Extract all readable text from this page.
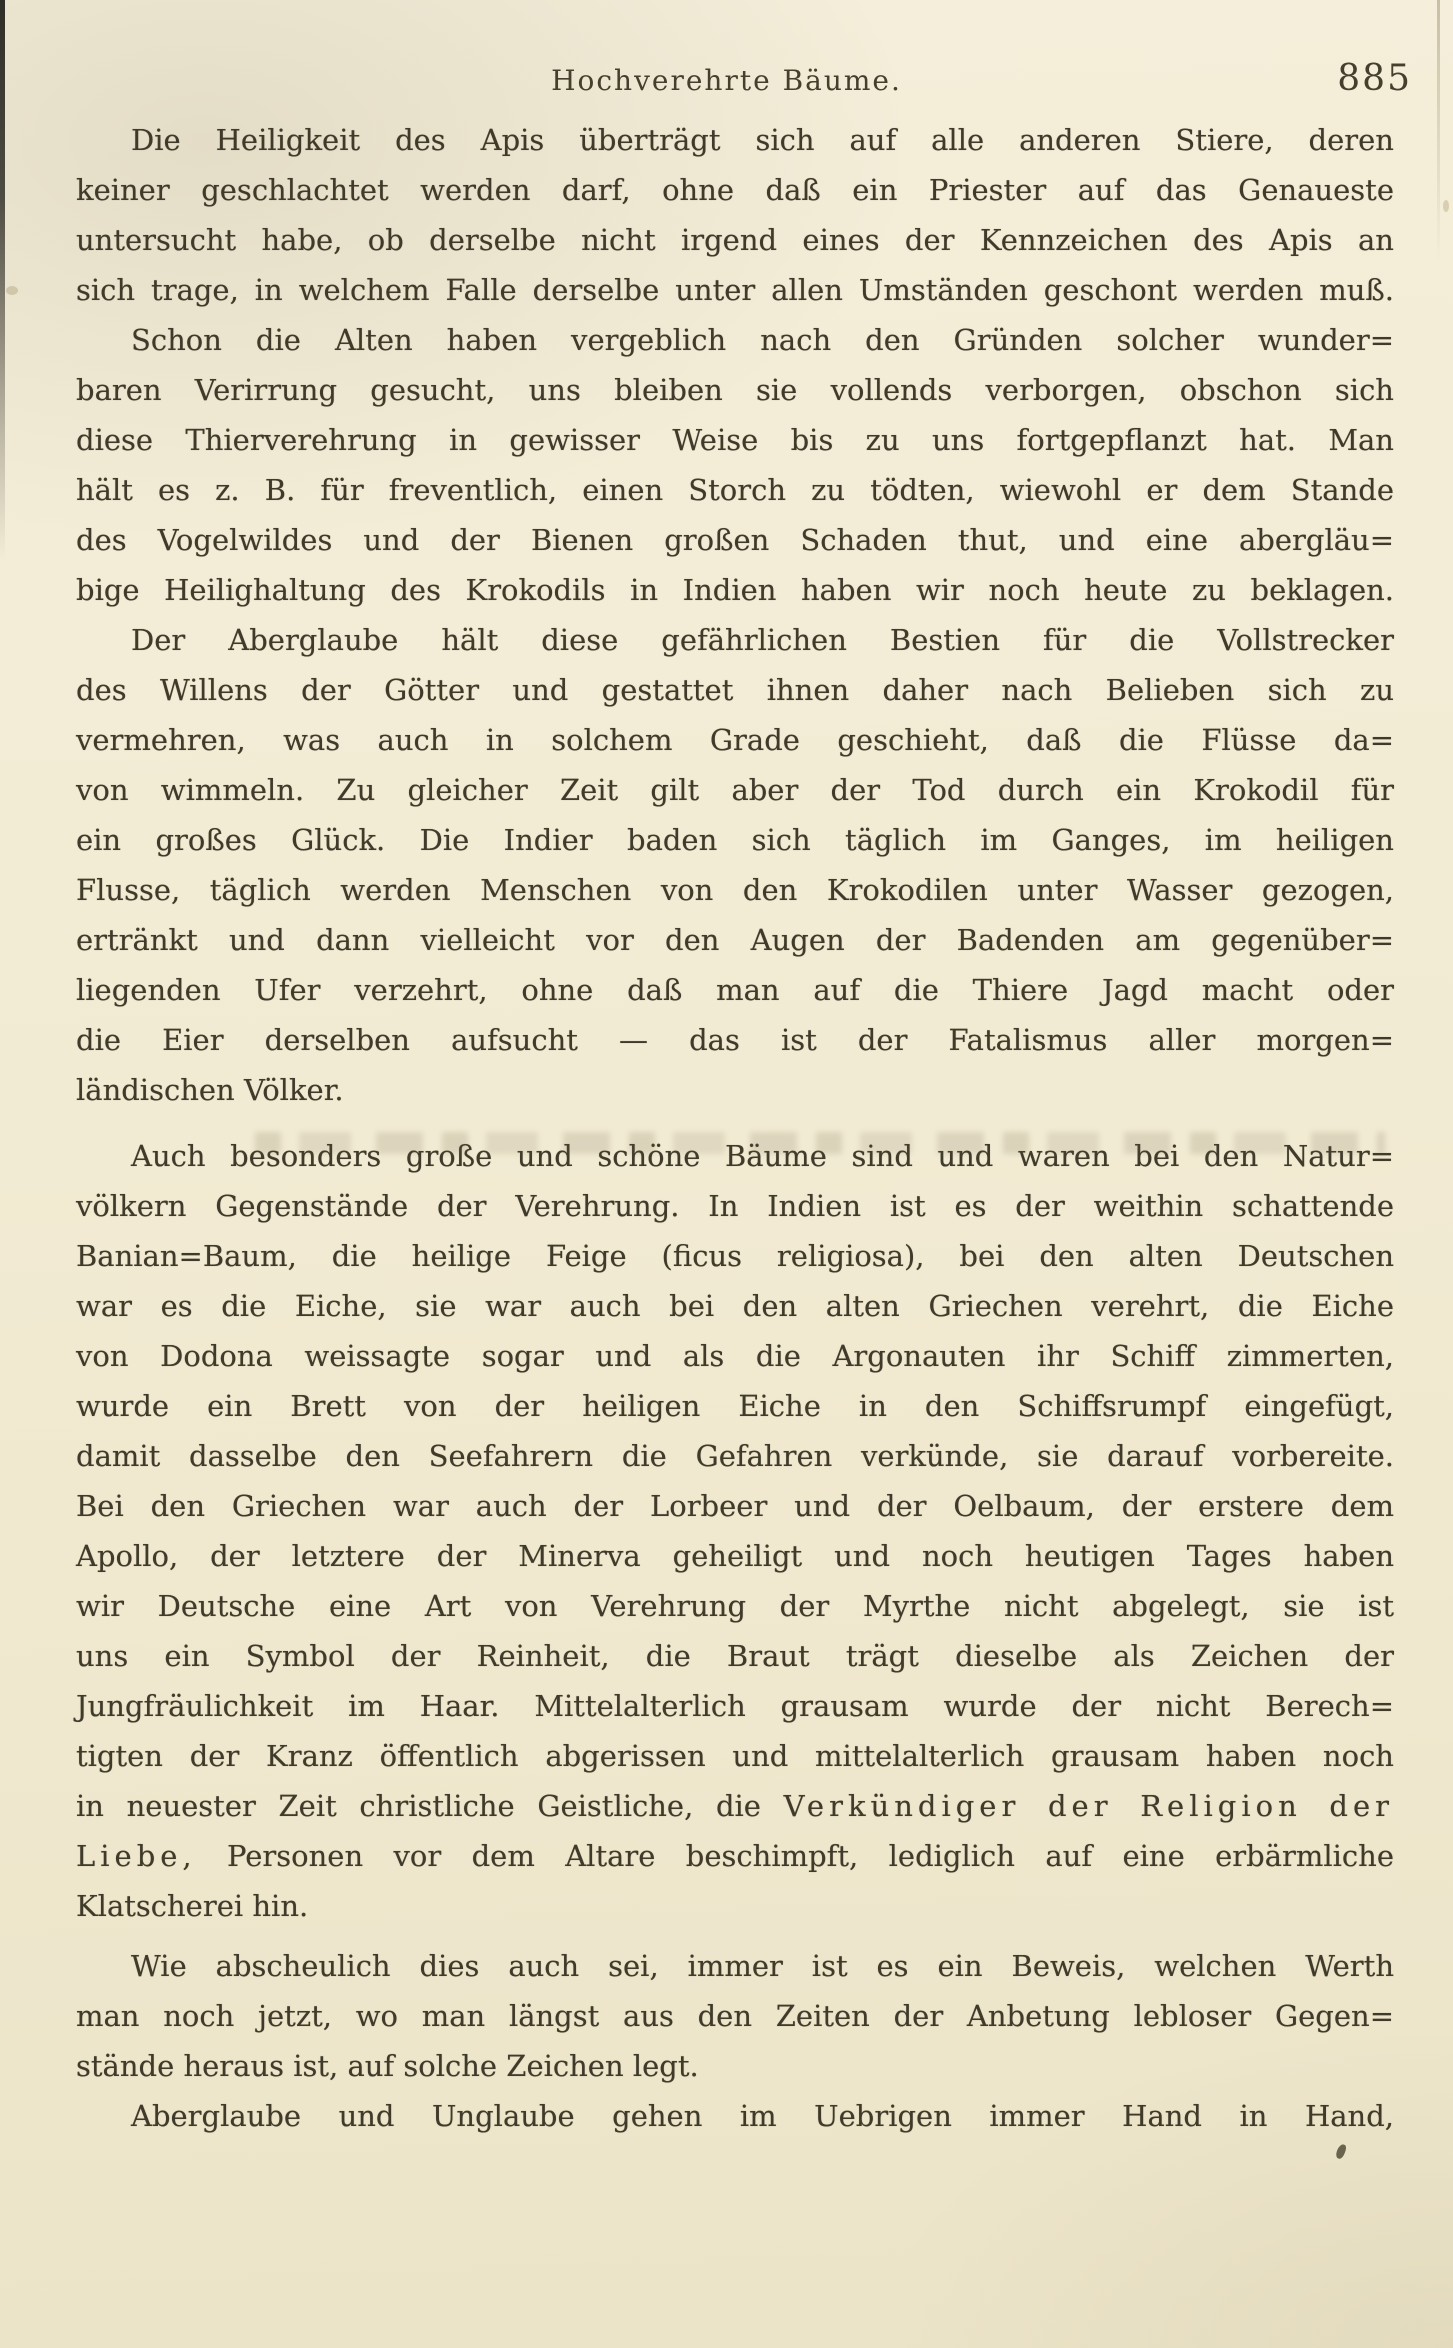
Hochverehrte Bäume.	885
Die Heiligkeit des Apis überträgt sich auf alle anderen Stiere, deren
keiner geschlachtet werden darf, ohne daß ein Priester auf das Genaueste
untersucht habe, ob derselbe nicht irgend eines der Kennzeichen des Apis an
sich trage, in welchem Falle derselbe unter allen Umständen geschont werden muß.
Schon die Alten haben vergeblich nach den Gründen solcher wunder=
baren Verirrung gesucht, uns bleiben sie vollends verborgen, obschon sich
diese Thierverehrung in gewisser Weise bis zu uns fortgepflanzt hat. Man
hält es z. B. für freventlich, einen Storch zu tödten, wiewohl er dem Stande
des Vogelwildes und der Bienen großen Schaden thut, und eine abergläu=
bige Heilighaltung des Krokodils in Indien haben wir noch heute zu beklagen.
Der Aberglaube hält diese gefährlichen Bestien für die Vollstrecker
des Willens der Götter und gestattet ihnen daher nach Belieben sich zu
vermehren, was auch in solchem Grade geschieht, daß die Flüsse da=
von wimmeln. Zu gleicher Zeit gilt aber der Tod durch ein Krokodil für
ein großes Glück. Die Indier baden sich täglich im Ganges, im heiligen
Flusse, täglich werden Menschen von den Krokodilen unter Wasser gezogen,
ertränkt und dann vielleicht vor den Augen der Badenden am gegenüber=
liegenden Ufer verzehrt, ohne daß man auf die Thiere Jagd macht oder
die Eier derselben aufsucht — das ist der Fatalismus aller morgen=
ländischen Völker.
Auch besonders große und schöne Bäume sind und waren bei den Natur=
völkern Gegenstände der Verehrung. In Indien ist es der weithin schattende
Banian=Baum, die heilige Feige (ficus religiosa), bei den alten Deutschen
war es die Eiche, sie war auch bei den alten Griechen verehrt, die Eiche
von Dodona weissagte sogar und als die Argonauten ihr Schiff zimmerten,
wurde ein Brett von der heiligen Eiche in den Schiffsrumpf eingefügt,
damit dasselbe den Seefahrern die Gefahren verkünde, sie darauf vorbereite.
Bei den Griechen war auch der Lorbeer und der Oelbaum, der erstere dem
Apollo, der letztere der Minerva geheiligt und noch heutigen Tages haben
wir Deutsche eine Art von Verehrung der Myrthe nicht abgelegt, sie ist
uns ein Symbol der Reinheit, die Braut trägt dieselbe als Zeichen der
Jungfräulichkeit im Haar. Mittelalterlich grausam wurde der nicht Berech=
tigten der Kranz öffentlich abgerissen und mittelalterlich grausam haben noch
in neuester Zeit christliche Geistliche, die Verkündiger der Religion der
Liebe, Personen vor dem Altare beschimpft, lediglich auf eine erbärmliche
Klatscherei hin.
Wie abscheulich dies auch sei, immer ist es ein Beweis, welchen Werth
man noch jetzt, wo man längst aus den Zeiten der Anbetung lebloser Gegen=
stände heraus ist, auf solche Zeichen legt.
Aberglaube und Unglaube gehen im Uebrigen immer Hand in Hand,
